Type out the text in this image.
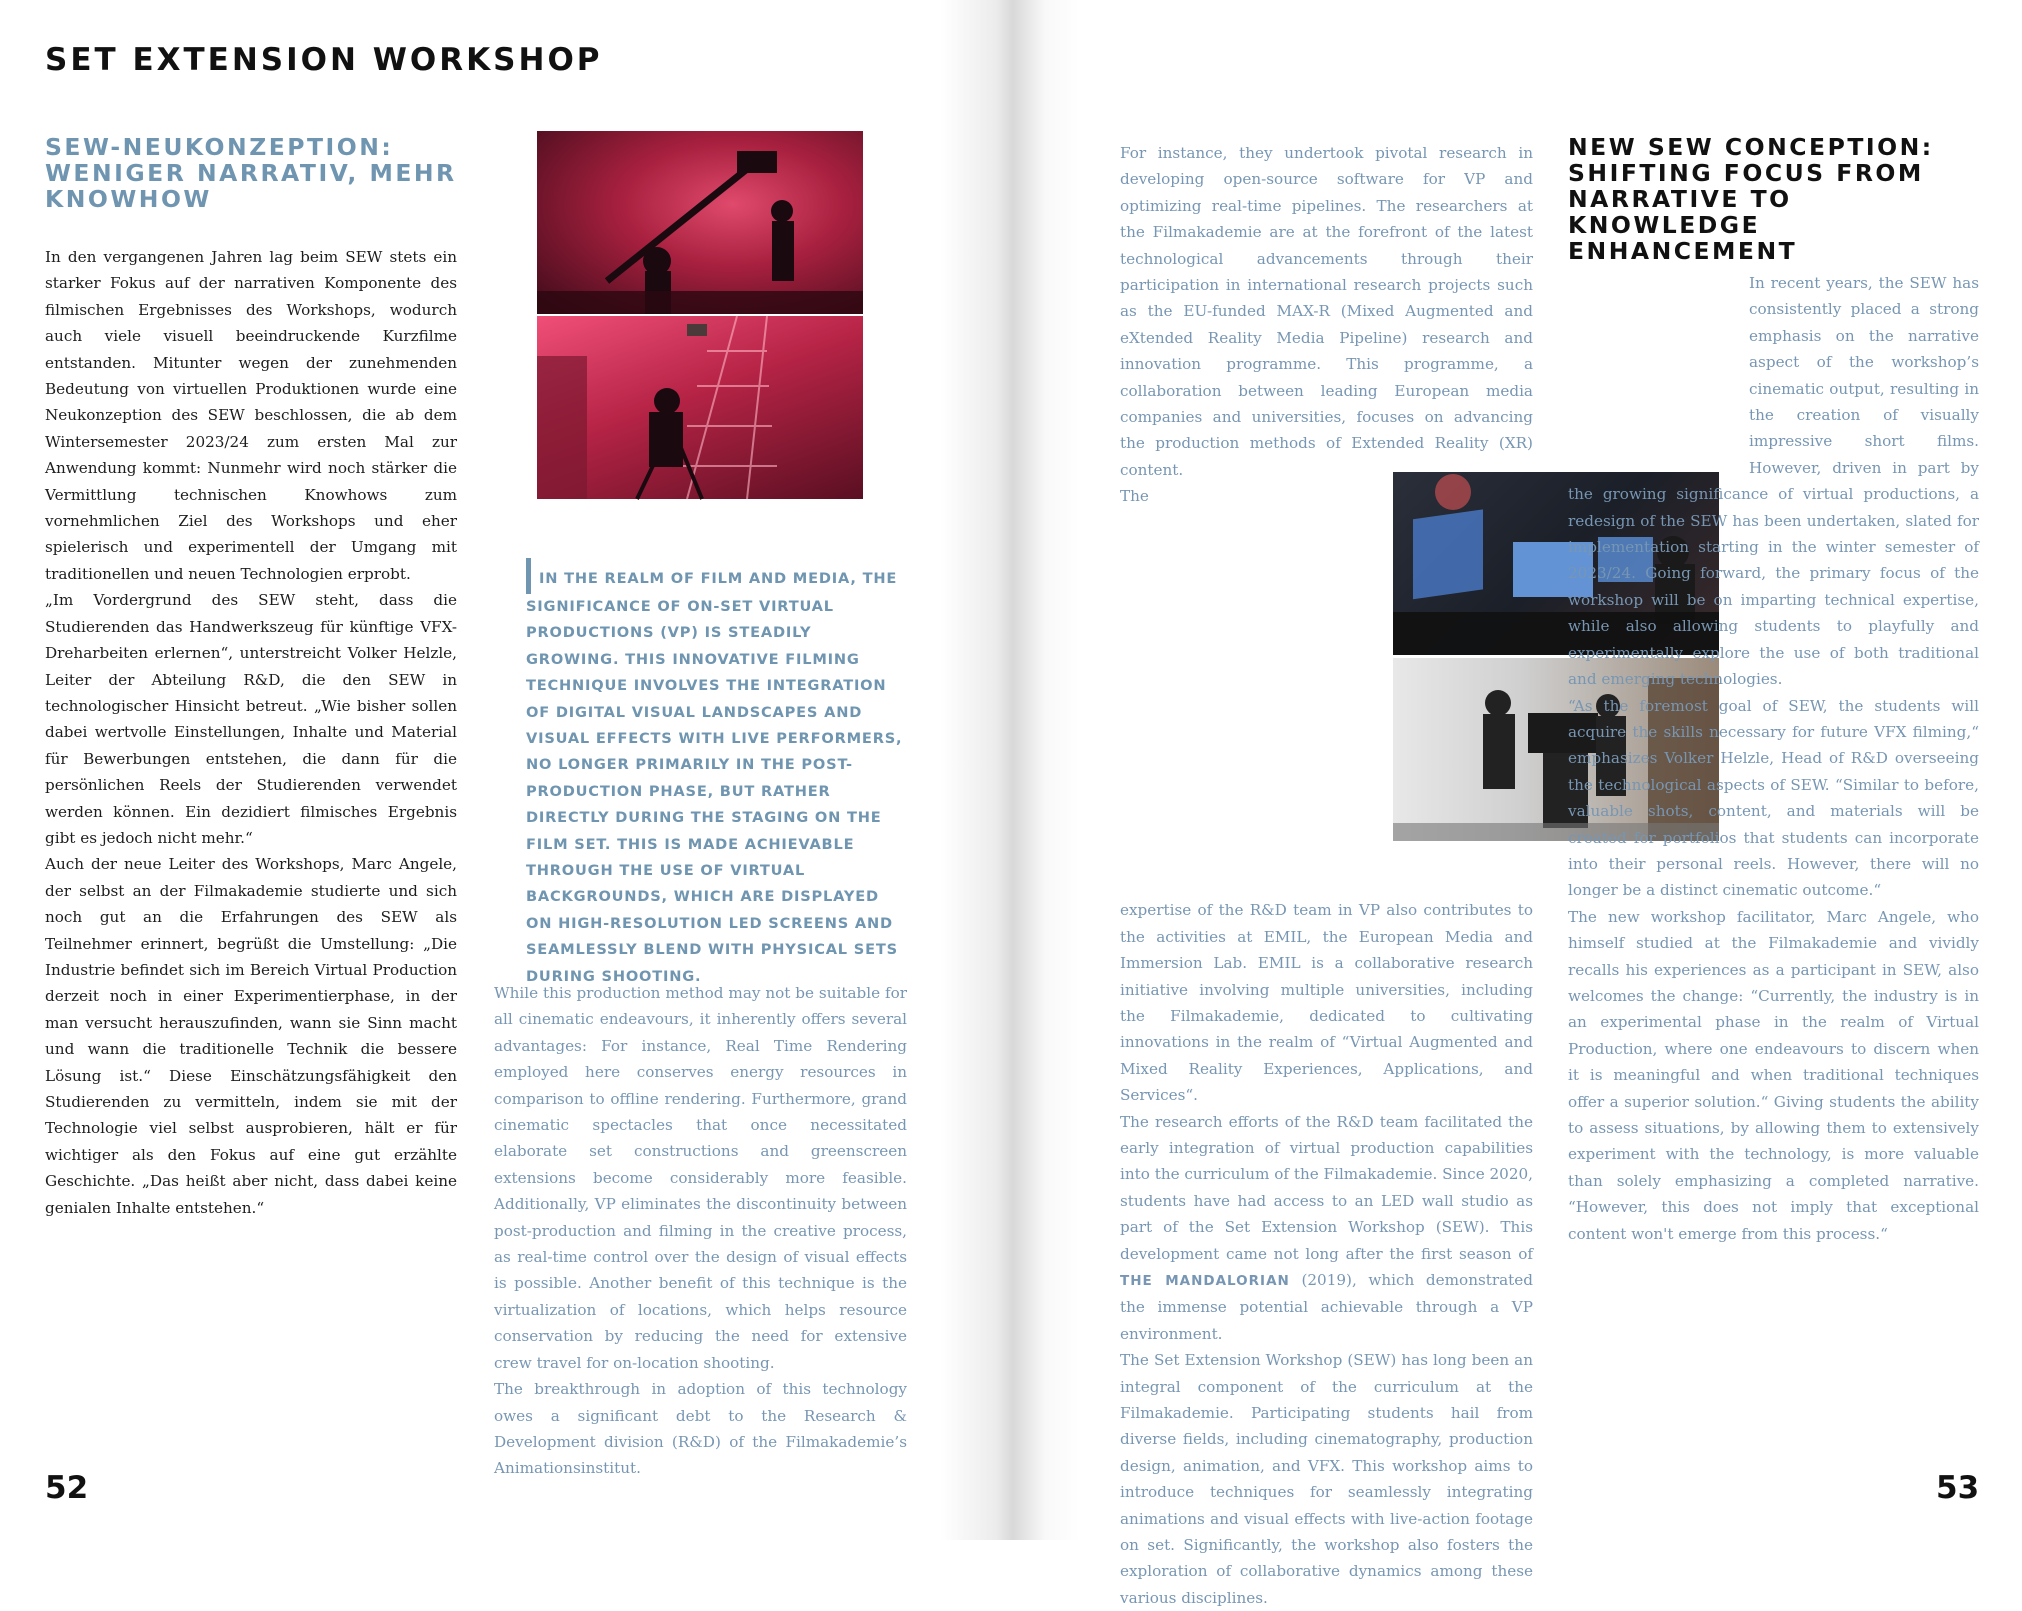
SET EXTENSION WORKSHOP
SEW-NEUKONZEPTION: WENIGER NARRATIV, MEHR KNOWHOW

In den vergangenen Jahren lag beim SEW stets ein starker Fokus auf der narrativen Komponente des filmischen Ergebnisses des Workshops, wodurch auch viele visuell beeindruckende Kurzfilme entstanden. Mitunter wegen der zunehmenden Bedeutung von virtuellen Produktionen wurde eine Neukonzeption des SEW beschlossen, die ab dem Wintersemester 2023/24 zum ersten Mal zur Anwendung kommt: Nunmehr wird noch stärker die Vermittlung technischen Knowhows zum vornehmlichen Ziel des Workshops und eher spielerisch und experimentell der Umgang mit traditionellen und neuen Technologien erprobt.

„Im Vordergrund des SEW steht, dass die Studierenden das Handwerkszeug für künftige VFX-Dreharbeiten erlernen“, unterstreicht Volker Helzle, Leiter der Abteilung R&D, die den SEW in technologischer Hinsicht betreut. „Wie bisher sollen dabei wertvolle Einstellungen, Inhalte und Material für Bewerbungen entstehen, die dann für die persönlichen Reels der Studierenden verwendet werden können. Ein dezidiert filmisches Ergebnis gibt es jedoch nicht mehr.“

Auch der neue Leiter des Workshops, Marc Angele, der selbst an der Filmakademie studierte und sich noch gut an die Erfahrungen des SEW als Teilnehmer erinnert, begrüßt die Umstellung: „Die Industrie befindet sich im Bereich Virtual Production derzeit noch in einer Experimentierphase, in der man versucht herauszufinden, wann sie Sinn macht und wann die traditionelle Technik die bessere Lösung ist.“ Diese Einschätzungsfähigkeit den Studierenden zu vermitteln, indem sie mit der Technologie viel selbst ausprobieren, hält er für wichtiger als den Fokus auf eine gut erzählte Geschichte. „Das heißt aber nicht, dass dabei keine genialen Inhalte entstehen.“

IN THE REALM OF FILM AND MEDIA, THE SIGNIFICANCE OF ON-SET VIRTUAL PRODUCTIONS (VP) IS STEADILY GROWING. THIS INNOVATIVE FILMING TECHNIQUE INVOLVES THE INTEGRATION OF DIGITAL VISUAL LANDSCAPES AND VISUAL EFFECTS WITH LIVE PERFORMERS, NO LONGER PRIMARILY IN THE POST-PRODUCTION PHASE, BUT RATHER DIRECTLY DURING THE STAGING ON THE FILM SET. THIS IS MADE ACHIEVABLE THROUGH THE USE OF VIRTUAL BACKGROUNDS, WHICH ARE DISPLAYED ON HIGH-RESOLUTION LED SCREENS AND SEAMLESSLY BLEND WITH PHYSICAL SETS DURING SHOOTING.

While this production method may not be suitable for all cinematic endeavours, it inherently offers several advantages: For instance, Real Time Rendering employed here conserves energy resources in comparison to offline rendering. Furthermore, grand cinematic spectacles that once necessitated elaborate set constructions and greenscreen extensions become considerably more feasible. Additionally, VP eliminates the discontinuity between post-production and filming in the creative process, as real-time control over the design of visual effects is possible. Another benefit of this technique is the virtualization of locations, which helps resource conservation by reducing the need for extensive crew travel for on-location shooting.

The breakthrough in adoption of this technology owes a significant debt to the Research & Development division (R&D) of the Filmakademie’s Animationsinstitut.

52

For instance, they undertook pivotal research in developing open-source software for VP and optimizing real-time pipelines. The researchers at the Filmakademie are at the forefront of the latest technological advancements through their participation in international research projects such as the EU-funded MAX-R (Mixed Augmented and eXtended Reality Media Pipeline) research and innovation programme. This programme, a collaboration between leading European media companies and universities, focuses on advancing the production methods of Extended Reality (XR) content.

The expertise of the R&D team in VP also contributes to the activities at EMIL, the European Media and Immersion Lab. EMIL is a collaborative research initiative involving multiple universities, including the Filmakademie, dedicated to cultivating innovations in the realm of “Virtual Augmented and Mixed Reality Experiences, Applications, and Services“.

The research efforts of the R&D team facilitated the early integration of virtual production capabilities into the curriculum of the Filmakademie. Since 2020, students have had access to an LED wall studio as part of the Set Extension Workshop (SEW). This development came not long after the first season of THE MANDALORIAN (2019), which demonstrated the immense potential achievable through a VP environment.

The Set Extension Workshop (SEW) has long been an integral component of the curriculum at the Filmakademie. Participating students hail from diverse fields, including cinematography, production design, animation, and VFX. This workshop aims to introduce techniques for seamlessly integrating animations and visual effects with live-action footage on set. Significantly, the workshop also fosters the exploration of collaborative dynamics among these various disciplines.

NEW SEW CONCEPTION: SHIFTING FOCUS FROM NARRATIVE TO KNOWLEDGE ENHANCEMENT

In recent years, the SEW has consistently placed a strong emphasis on the narrative aspect of the workshop’s cinematic output, resulting in the creation of visually impressive short films. However, driven in part by the growing significance of virtual productions, a redesign of the SEW has been undertaken, slated for implementation starting in the winter semester of 2023/24. Going forward, the primary focus of the workshop will be on imparting technical expertise, while also allowing students to playfully and experimentally explore the use of both traditional and emerging technologies.

“As the foremost goal of SEW, the students will acquire the skills necessary for future VFX filming,“ emphasizes Volker Helzle, Head of R&D overseeing the technological aspects of SEW. “Similar to before, valuable shots, content, and materials will be created for portfolios that students can incorporate into their personal reels. However, there will no longer be a distinct cinematic outcome.“

The new workshop facilitator, Marc Angele, who himself studied at the Filmakademie and vividly recalls his experiences as a participant in SEW, also welcomes the change: “Currently, the industry is in an experimental phase in the realm of Virtual Production, where one endeavours to discern when it is meaningful and when traditional techniques offer a superior solution.“ Giving students the ability to assess situations, by allowing them to extensively experiment with the technology, is more valuable than solely emphasizing a completed narrative. “However, this does not imply that exceptional content won't emerge from this process.“

53
